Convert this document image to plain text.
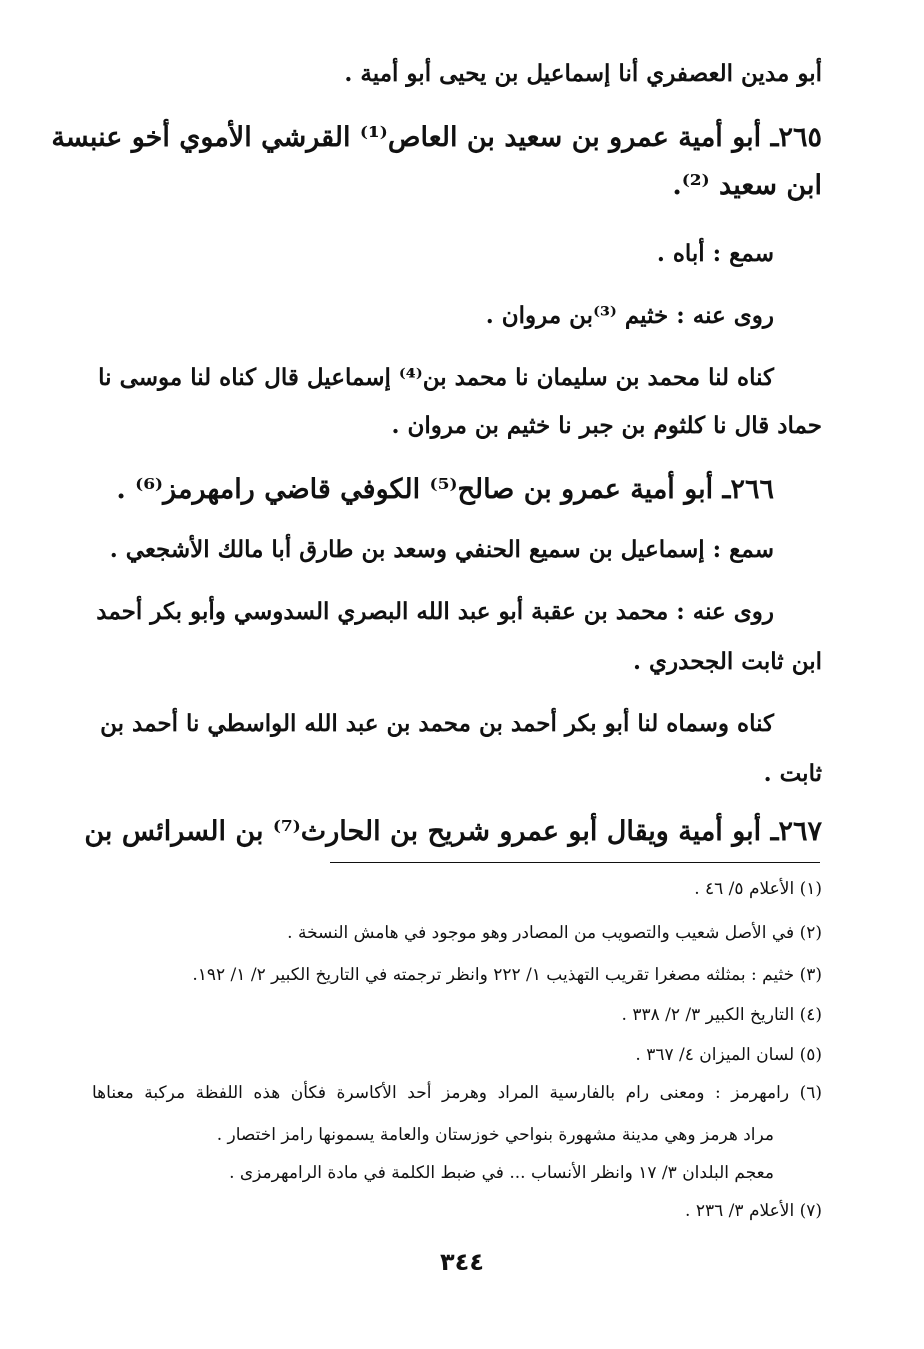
أبو مدين العصفري أنا إسماعيل بن يحيى أبو أمية .
٢٦٥ـ أبو أمية عمرو بن سعيد بن العاص⁽¹⁾ القرشي الأموي أخو عنبسة
ابن سعيد ⁽²⁾.
سمع : أباه .
روى عنه : خثيم ⁽³⁾بن مروان .
كناه لنا محمد بن سليمان نا محمد بن⁽⁴⁾ إسماعيل قال كناه لنا موسى نا
حماد قال نا كلثوم بن جبر نا خثيم بن مروان .
٢٦٦ـ أبو أمية عمرو بن صالح⁽⁵⁾ الكوفي قاضي رامهرمز⁽⁶⁾ .
سمع : إسماعيل بن سميع الحنفي وسعد بن طارق أبا مالك الأشجعي .
روى عنه : محمد بن عقبة أبو عبد الله البصري السدوسي وأبو بكر أحمد
ابن ثابت الجحدري .
كناه وسماه لنا أبو بكر أحمد بن محمد بن عبد الله الواسطي نا أحمد بن
ثابت .
٢٦٧ـ أبو أمية ويقال أبو عمرو شريح بن الحارث⁽⁷⁾ بن السرائس بن
(١) الأعلام ٥/ ٤٦ .
(٢) في الأصل شعيب والتصويب من المصادر وهو موجود في هامش النسخة .
(٣) خثيم : بمثلثه مصغرا تقريب التهذيب ١/ ٢٢٢ وانظر ترجمته في التاريخ الكبير ٢/ ١/ ١٩٢.
(٤) التاريخ الكبير ٣/ ٢/ ٣٣٨ .
(٥) لسان الميزان ٤/ ٣٦٧ .
(٦) رامهرمز : ومعنى رام بالفارسية المراد وهرمز أحد الأكاسرة فكأن هذه اللفظة مركبة معناها
مراد هرمز وهي مدينة مشهورة بنواحي خوزستان والعامة يسمونها رامز اختصار .
معجم البلدان ٣/ ١٧ وانظر الأنساب ... في ضبط الكلمة في مادة الرامهرمزى .
(٧) الأعلام ٣/ ٢٣٦ .
٣٤٤
